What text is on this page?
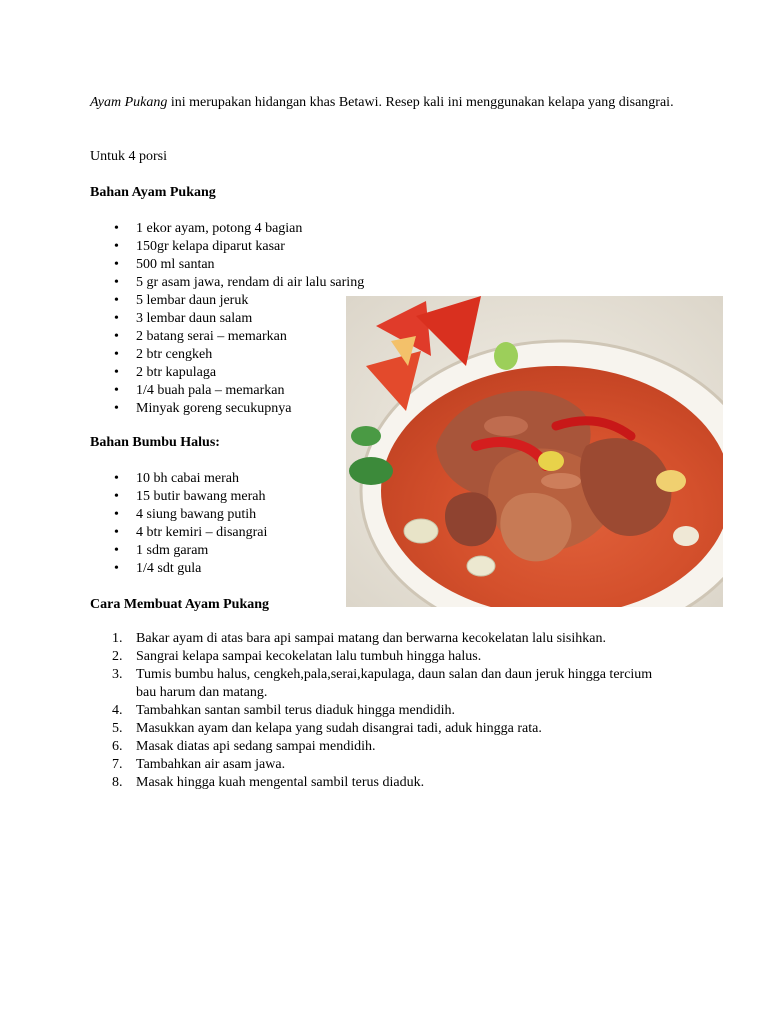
Ayam Pukang ini merupakan hidangan khas Betawi. Resep kali ini menggunakan kelapa yang disangrai.

Untuk 4 porsi

Bahan Ayam Pukang

• 1 ekor ayam, potong 4 bagian
• 150gr kelapa diparut kasar
• 500 ml santan
• 5 gr asam jawa, rendam di air lalu saring
• 5 lembar daun jeruk
• 3 lembar daun salam
• 2 batang serai – memarkan
• 2 btr cengkeh
• 2 btr kapulaga
• 1/4 buah pala – memarkan
• Minyak goreng secukupnya

Bahan Bumbu Halus:

• 10 bh cabai merah
• 15 butir bawang merah
• 4 siung bawang putih
• 4 btr kemiri – disangrai
• 1 sdm garam
• 1/4 sdt gula

Cara Membuat Ayam Pukang

1. Bakar ayam di atas bara api sampai matang dan berwarna kecokelatan lalu sisihkan.
2. Sangrai kelapa sampai kecokelatan lalu tumbuh hingga halus.
3. Tumis bumbu halus, cengkeh,pala,serai,kapulaga, daun salan dan daun jeruk hingga tercium bau harum dan matang.
4. Tambahkan santan sambil terus diaduk hingga mendidih.
5. Masukkan ayam dan kelapa yang sudah disangrai tadi, aduk hingga rata.
6. Masak diatas api sedang sampai mendidih.
7. Tambahkan air asam jawa.
8. Masak hingga kuah mengental sambil terus diaduk.
